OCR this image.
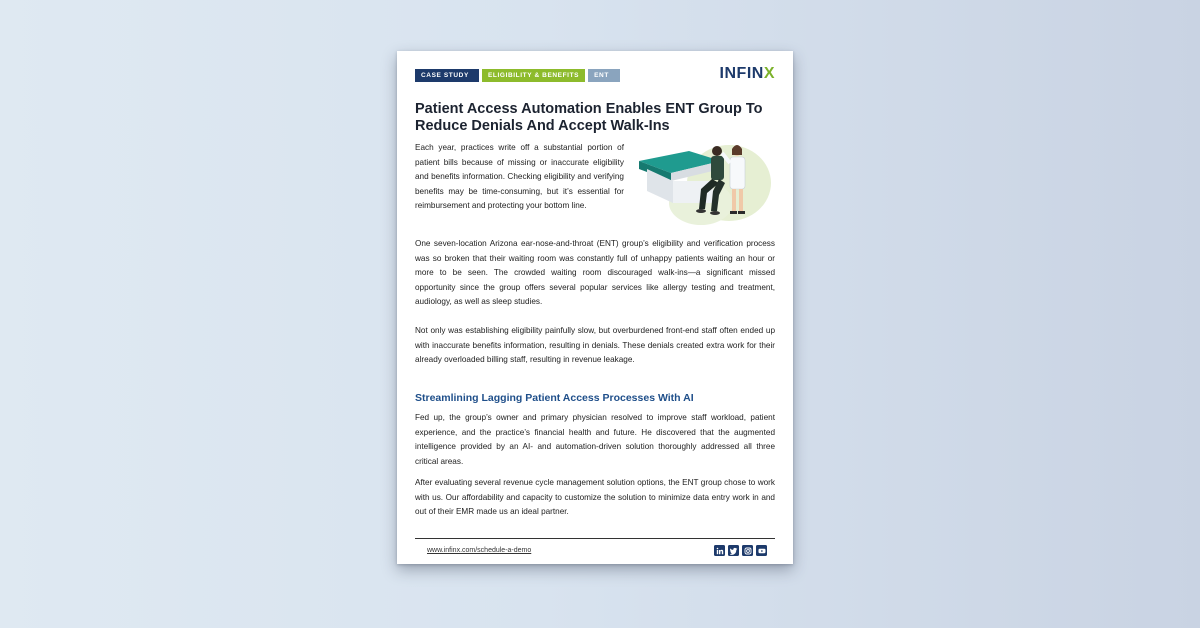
CASE STUDY	ELIGIBILITY & BENEFITS	ENT	INFINX
Patient Access Automation Enables ENT Group To Reduce Denials And Accept Walk-Ins

Each year, practices write off a substantial portion of patient bills because of missing or inaccurate eligibility and benefits information. Checking eligibility and verifying benefits may be time-consuming, but it’s essential for reimbursement and protecting your bottom line.

One seven-location Arizona ear-nose-and-throat (ENT) group’s eligibility and verification process was so broken that their waiting room was constantly full of unhappy patients waiting an hour or more to be seen. The crowded waiting room discouraged walk-ins—a significant missed opportunity since the group offers several popular services like allergy testing and treatment, audiology, as well as sleep studies.

Not only was establishing eligibility painfully slow, but overburdened front-end staff often ended up with inaccurate benefits information, resulting in denials. These denials created extra work for their already overloaded billing staff, resulting in revenue leakage.

Streamlining Lagging Patient Access Processes With AI

Fed up, the group’s owner and primary physician resolved to improve staff workload, patient experience, and the practice’s financial health and future. He discovered that the augmented intelligence provided by an AI- and automation-driven solution thoroughly addressed all three critical areas.

After evaluating several revenue cycle management solution options, the ENT group chose to work with us. Our affordability and capacity to customize the solution to minimize data entry work in and out of their EMR made us an ideal partner.

www.infinx.com/schedule-a-demo
